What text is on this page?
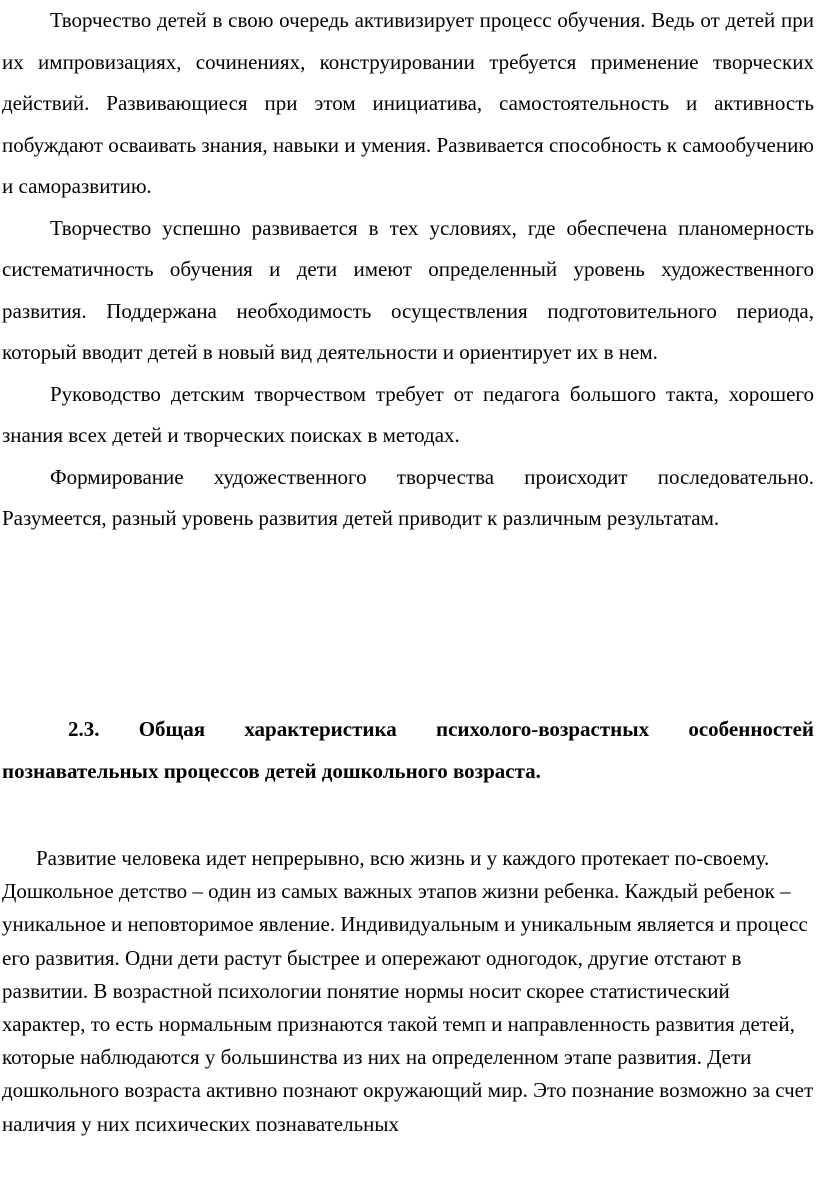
Творчество детей в свою очередь активизирует процесс обучения. Ведь от детей при их импровизациях, сочинениях, конструировании требуется применение творческих действий. Развивающиеся при этом инициатива, самостоятельность и активность побуждают осваивать знания, навыки и умения. Развивается способность к самообучению и саморазвитию.

Творчество успешно развивается в тех условиях, где обеспечена планомерность систематичность обучения и дети имеют определенный уровень художественного развития. Поддержана необходимость осуществления подготовительного периода, который вводит детей в новый вид деятельности и ориентирует их в нем.

Руководство детским творчеством требует от педагога большого такта, хорошего знания всех детей и творческих поисках в методах.

Формирование художественного творчества происходит последовательно. Разумеется, разный уровень развития детей приводит к различным результатам.

2.3. Общая характеристика психолого-возрастных особенностей познавательных процессов детей дошкольного возраста.

Развитие человека идет непрерывно, всю жизнь и у каждого протекает по-своему. Дошкольное детство – один из самых важных этапов жизни ребенка. Каждый ребенок – уникальное и неповторимое явление. Индивидуальным и уникальным является и процесс его развития. Одни дети растут быстрее и опережают одногодок, другие отстают в развитии. В возрастной психологии понятие нормы носит скорее статистический характер, то есть нормальным признаются такой темп и направленность развития детей, которые наблюдаются у большинства из них на определенном этапе развития. Дети дошкольного возраста активно познают окружающий мир. Это познание возможно за счет наличия у них психических познавательных
